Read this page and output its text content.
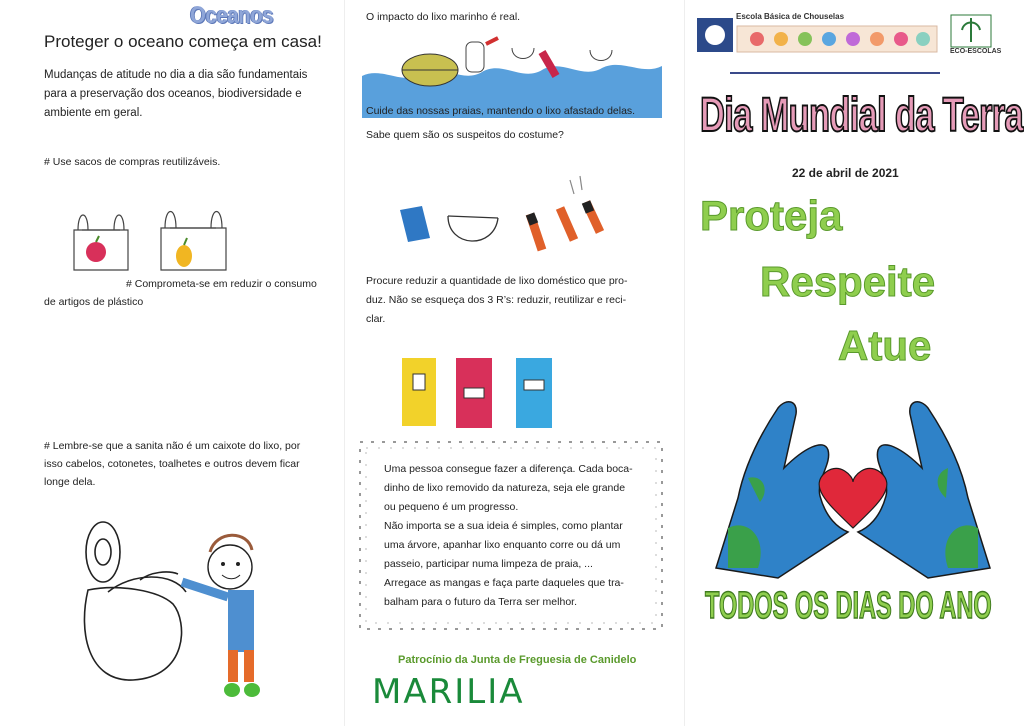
Oceanos
Proteger o oceano começa em casa!
Mudanças de atitude no dia a dia são fundamentais
para a preservação dos oceanos, biodiversidade e
ambiente em geral.
# Use sacos de compras reutilizáveis.
# Comprometa-se em reduzir o consumo
de artigos de plástico
# Lembre-se que a sanita não é um caixote do lixo, por
isso cabelos, cotonetes, toalhetes e outros devem ficar
longe dela.
O impacto do lixo marinho é real.
Cuide das nossas praias, mantendo o lixo afastado delas.
Sabe quem são os suspeitos do costume?
Procure reduzir a quantidade de lixo doméstico que pro-
duz. Não se esqueça dos 3 R’s: reduzir, reutilizar e reci-
clar.
Uma pessoa consegue fazer a diferença. Cada boca-
dinho de lixo removido da natureza, seja ele grande
ou pequeno é um progresso.
Não importa se a sua ideia é simples, como plantar
uma árvore, apanhar lixo enquanto corre ou dá um
passeio, participar numa limpeza de praia, ...
Arregace as mangas e faça parte daqueles que tra-
balham para o futuro da Terra ser melhor.
Patrocínio da Junta de Freguesia de Canidelo
MARILIA
Escola Básica de Chouselas
ECO-ESCOLAS
Dia Mundial da Terra
22 de abril de 2021
Proteja
Respeite
Atue
TODOS OS DIAS DO ANO
